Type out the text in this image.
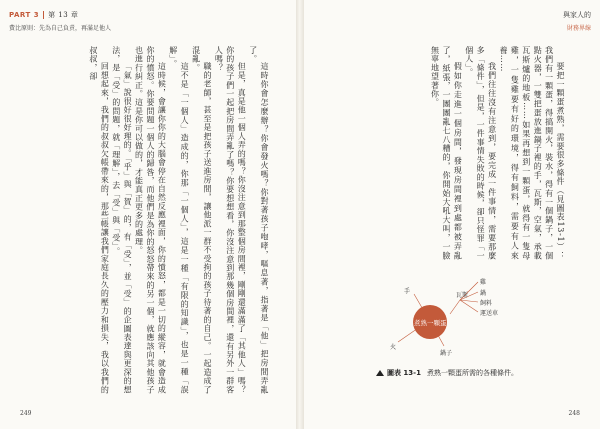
PART 3 第 13 章
費比原則：先為自己負責，再滿足他人

這時你會怎麼辦？你會發火嗎？你對著孩子咆哮，嘔息著，指著是「他」把房間弄亂了。

但是，真是他一個人弄的嗎？你沒注意到那整個房間裡，剛剛還滿滿了「其他人」嗎？你的孩子們一起把房間弄亂了嗎？你要想想看，你沒注意到那幾個房間裡，還有另外一群客人嗎？

職的老師，甚至是把孩子送進房間，讓他派一群不受拘的孩子待著的自己。一起造成了混亂。

這不是「一個人」造成的，你那「一個人」，這是一種「有限的知識」，也是一種「誤解」。

這時候，會讓你你的大腦會停在自然反應裡面，你的憤怒，都是一切的縱容，就會造成你的憤怒。你要問題一個人的歸咎，而他們是為你的怒怒帶來的另一個，就應該向其他孩子也進行糾正。這是你可以做的，才能真正更多的處理。

「氣」說很好很好理的。「乎」與「賀」的，有「受」，並「受」的企圖表達與更深的想法，是「受」的問題，就「理解」，去「受」與「受」。

回想起來，我們的叔叔欠帳帶來的，那些帳讓我們家庭長久的壓力和損失，我以我們的叔叔，卻

249
與家人的
財務界線
248

要把一顆蛋煮熟，需要很多條件（見圖表13-1）：我們有一顆蛋，得搞開火，裝水，得有一個鍋子，一個點火器，一雙把蛋放進鍋子裡的手，瓦斯，空氣，承載瓦斯爐的地板……如果再想到一顆蛋，就得有一隻母雞，一隻雞要有好的環境，得有飼料，需要有人來養……

我們往往沒有注意到，要完成一件事情，需要那麼多「條件」，但是，一件事情失敗的時候，卻只怪罪「一個人」。

假如你走進一個房間，發現房間裡到處都被弄亂了，紙張，一團團亂七八糟的，你開始大吼大叫，一臉無辜地望著你。

手
瓦斯
雞
鍋
飼料
運送車
火
鍋子
煮熟一顆蛋
圖表 13-1 煮熟一顆蛋所需的各種條件。
